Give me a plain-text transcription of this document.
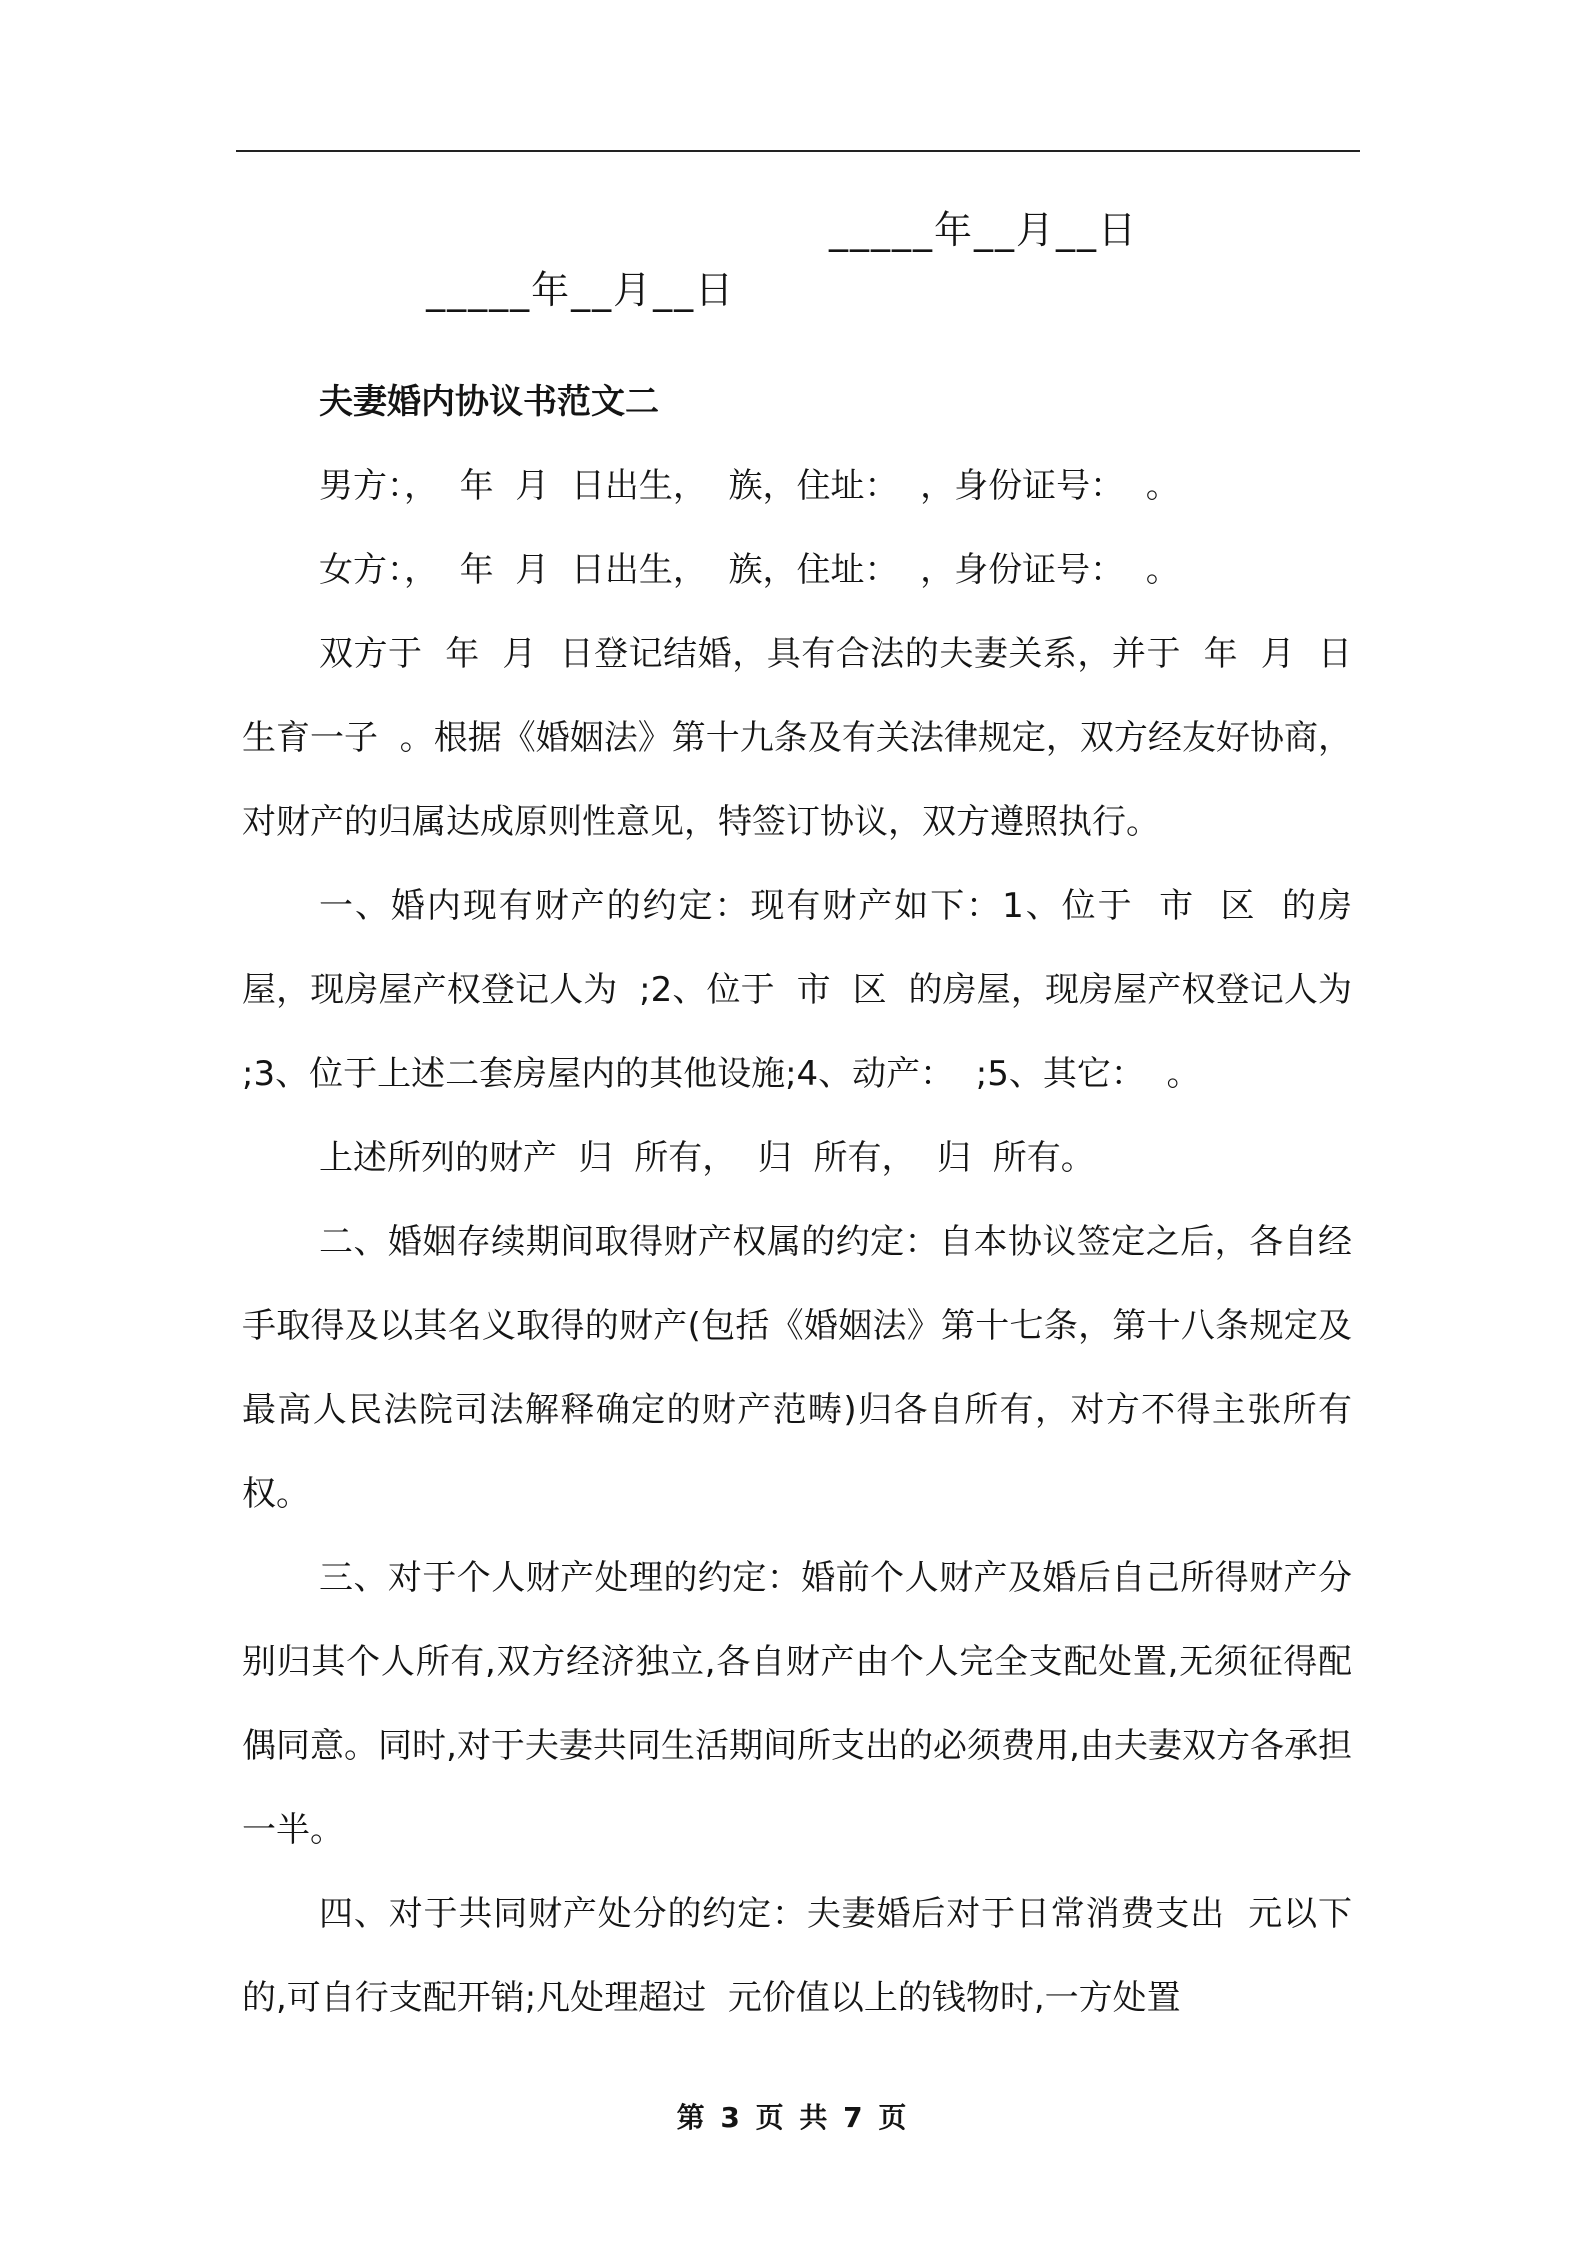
_____年__月__日

_____年__月__日

夫妻婚内协议书范文二

男方：，  年  月  日出生，  族，住址：  ，身份证号：  。

女方：，  年  月  日出生，  族，住址：  ，身份证号：  。

双方于  年  月  日登记结婚，具有合法的夫妻关系，并于  年  月  日生育一子  。根据《婚姻法》第十九条及有关法律规定，双方经友好协商，对财产的归属达成原则性意见，特签订协议，双方遵照执行。

一、婚内现有财产的约定：现有财产如下：1、位于  市  区  的房屋，现房屋产权登记人为  ;2、位于  市  区  的房屋，现房屋产权登记人为  ;3、位于上述二套房屋内的其他设施;4、动产：  ;5、其它：  。

上述所列的财产  归  所有，  归  所有，  归  所有。

二、婚姻存续期间取得财产权属的约定：自本协议签定之后，各自经手取得及以其名义取得的财产(包括《婚姻法》第十七条，第十八条规定及最高人民法院司法解释确定的财产范畴)归各自所有，对方不得主张所有权。

三、对于个人财产处理的约定：婚前个人财产及婚后自己所得财产分别归其个人所有,双方经济独立,各自财产由个人完全支配处置,无须征得配偶同意。同时,对于夫妻共同生活期间所支出的必须费用,由夫妻双方各承担一半。

四、对于共同财产处分的约定：夫妻婚后对于日常消费支出  元以下的,可自行支配开销;凡处理超过  元价值以上的钱物时,一方处置

第 3 页 共 7 页
